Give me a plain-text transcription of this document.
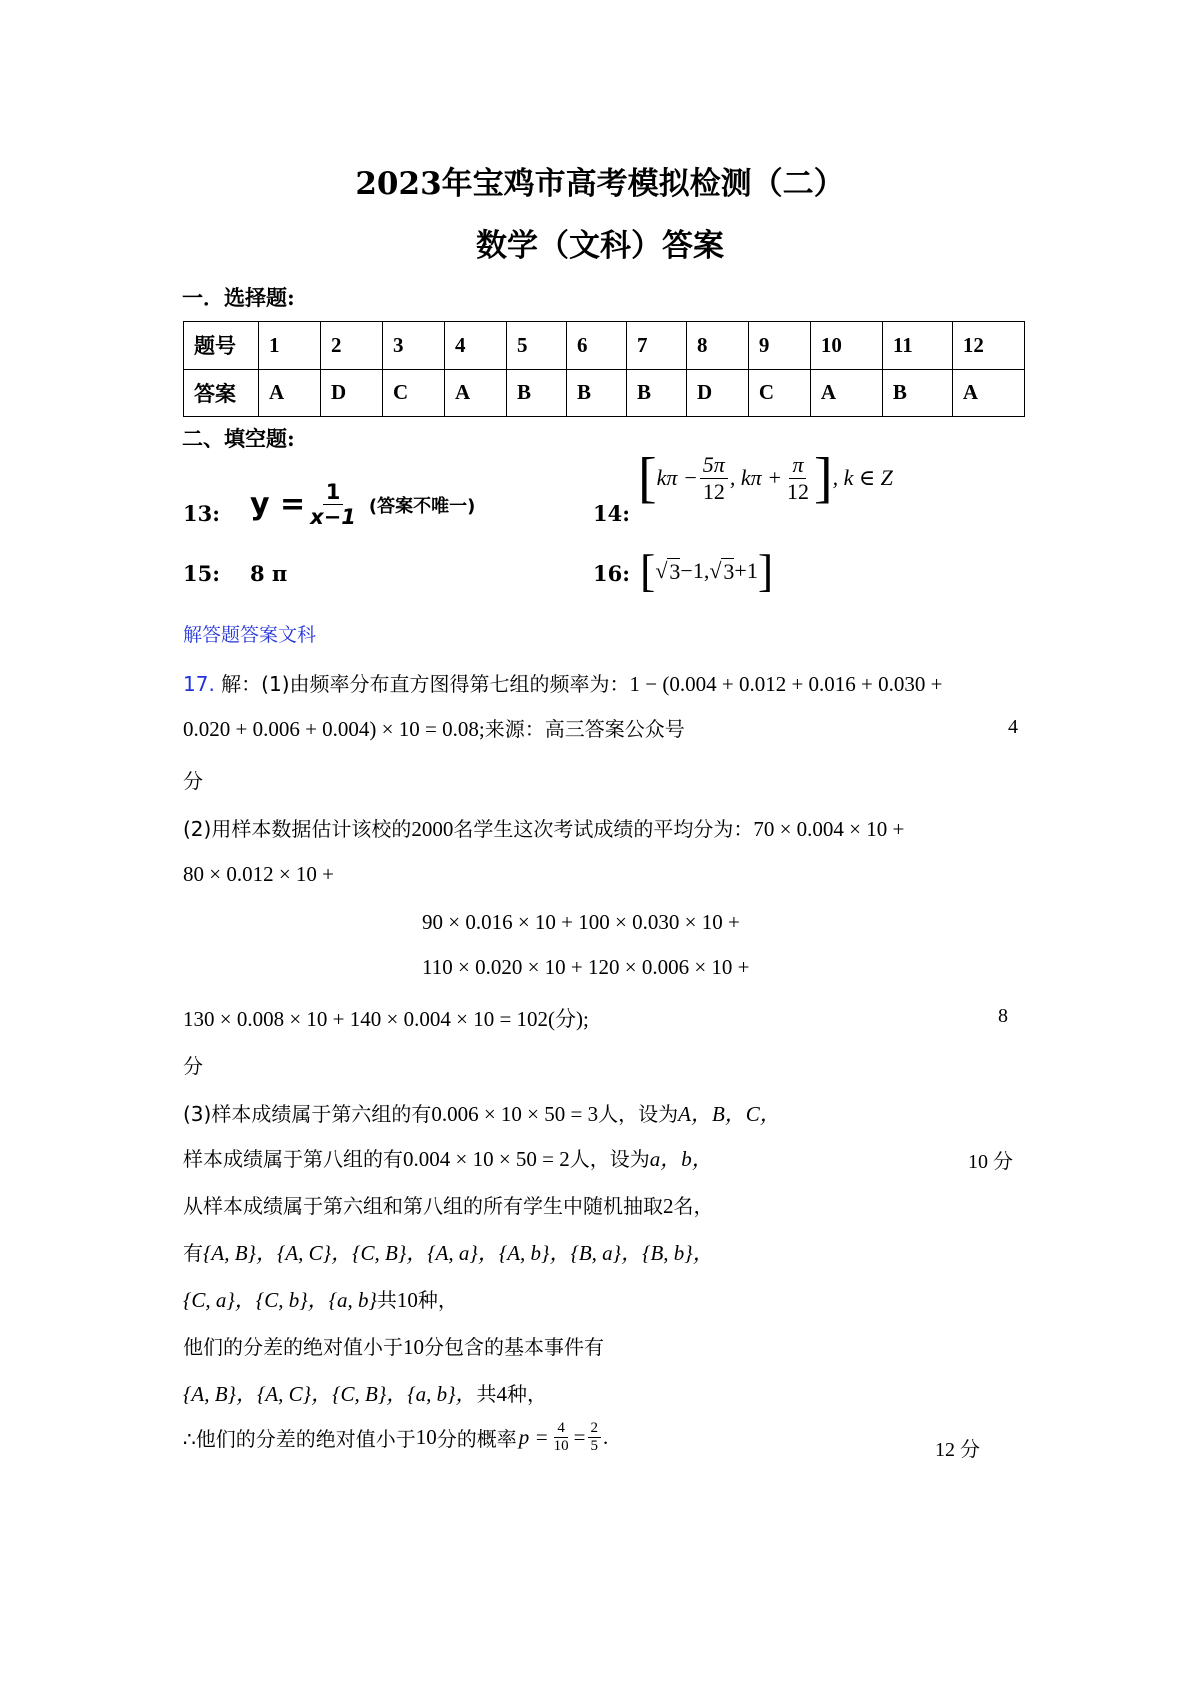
2023年宝鸡市高考模拟检测（二）
数学（文科）答案
一．选择题:
题号	1	2	3	4	5	6	7	8	9	10	11	12
答案	A	D	C	A	B	B	B	D	C	A	B	A
二、填空题:
13: $y = \frac{1}{x-1}$ (答案不唯一)	14:
[ $k\pi - \frac{5\pi}{12}$ , $k\pi + \frac{\pi}{12}$ ] , k ∈ Z
15: 8 π	16: [ √ 3 −1, √ 3 +1 ]
解答题答案文科
17. 解：(1)由频率分布直方图得第七组的频率为：1 − (0.004 + 0.012 + 0.016 + 0.030 +
0.020 + 0.006 + 0.004) × 10 = 0.08;来源：高三答案公众号	4
分
(2)用样本数据估计该校的2000名学生这次考试成绩的平均分为：70 × 0.004 × 10 +
80 × 0.012 × 10 +
90 × 0.016 × 10 + 100 × 0.030 × 10 +
110 × 0.020 × 10 + 120 × 0.006 × 10 +
130 × 0.008 × 10 + 140 × 0.004 × 10 = 102(分);	8
分
(3)样本成绩属于第六组的有0.006 × 10 × 50 = 3人，设为A，B，C，
样本成绩属于第八组的有0.004 × 10 × 50 = 2人，设为a，b，	10 分
从样本成绩属于第六组和第八组的所有学生中随机抽取2名，
有{A, B}，{A, C}，{C, B}，{A, a}，{A, b}，{B, a}，{B, b}，
{C, a}，{C, b}，{a, b}共10种，
他们的分差的绝对值小于10分包含的基本事件有
{A, B}，{A, C}，{C, B}，{a, b}，共4种，
∴他们的分差的绝对值小于 10 分的概率 $p = \frac{4}{10} = \frac{2}{5}$ .
12 分
